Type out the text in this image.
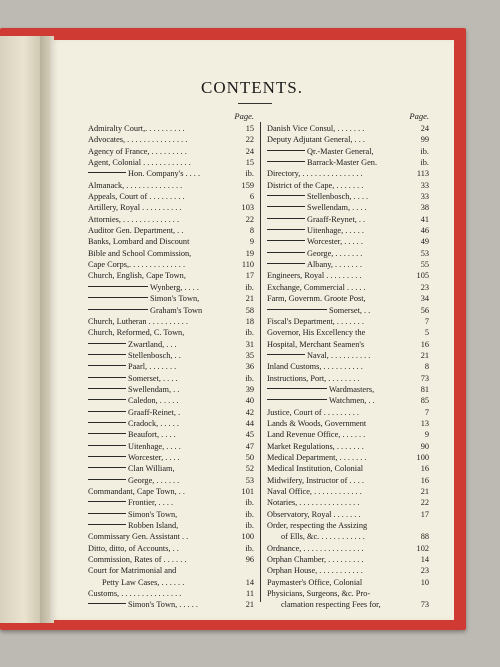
CONTENTS.
Page.
Admiralty Court,. . . . . . . . . .	15
Advocates, . . . . . . . . . . . . . . .	22
Agency of France, . . . . . . . . .	24
Agent, Colonial . . . . . . . . . . . .	15
Hon. Company's . . . .	ib.
Almanack, . . . . . . . . . . . . . .	159
Appeals, Court of . . . . . . . . .	6
Artillery, Royal . . . . . . . . . .	103
Attornies, . . . . . . . . . . . . . .	22
Auditor Gen. Department, . .	8
Banks, Lombard and Discount	9
Bible and School Commission,	19
Cape Corps,. . . . . . . . . . . . . .	110
Church, English, Cape Town,	17
Wynberg, . . . .	ib.
Simon's Town,	21
Graham's Town	58
Church, Lutheran . . . . . . . . . .	18
Church, Reformed, C. Town,	ib.
Zwartland, . . .	31
Stellenbosch, . .	35
Paarl, . . . . . . .	36
Somerset, . . . .	ib.
Swellendam, . .	39
Caledon, . . . . .	40
Graaff-Reinet, .	42
Cradock, . . . . .	44
Beaufort, . . . .	45
Uitenhage, . . . .	47
Worcester, . . . .	50
Clan William,	52
George, . . . . . .	53
Commandant, Cape Town, . .	101
Frontier, . . . .	ib.
Simon's Town,	ib.
Robben Island,	ib.
Commissary Gen. Assistant . .	100
Ditto, ditto, of Accounts, . .	ib.
Commission, Rates of . . . . . .	96
Court for Matrimonial and
Petty Law Cases, . . . . . .	14
Customs, . . . . . . . . . . . . . . .	11
Simon's Town, . . . . .	21
Page.
Danish Vice Consul, . . . . . . .	24
Deputy Adjutant General, . . .	99
Qr.-Master General,	ib.
Barrack-Master Gen.	ib.
Directory, . . . . . . . . . . . . . . .	113
District of the Cape, . . . . . . .	33
Stellenbosch, . . . .	33
Swellendam, . . . .	38
Graaff-Reynet, . .	41
Uitenhage, . . . . .	46
Worcester, . . . . .	49
George, . . . . . . .	53
Albany, . . . . . . .	55
Engineers, Royal . . . . . . . . .	105
Exchange, Commercial . . . . .	23
Farm, Governm. Groote Post,	34
Somerset, . .	56
Fiscal's Department, . . . . . . .	7
Governor, His Excellency the	5
Hospital, Merchant Seamen's	16
Naval, . . . . . . . . . .	21
Inland Customs, . . . . . . . . . .	8
Instructions, Port, . . . . . . . .	73
Wardmasters,	81
Watchmen, . .	85
Justice, Court of . . . . . . . . .	7
Lands & Woods, Government	13
Land Revenue Office, . . . . . .	9
Market Regulations, . . . . . . .	90
Medical Department, . . . . . . .	100
Medical Institution, Colonial	16
Midwifery, Instructor of . . . .	16
Naval Office, . . . . . . . . . . . .	21
Notaries, . . . . . . . . . . . . . . .	22
Observatory, Royal . . . . . . .	17
Order, respecting the Assizing
of Ells, &c. . . . . . . . . . . .	88
Ordnance, . . . . . . . . . . . . . . .	102
Orphan Chamber, . . . . . . . . .	14
Orphan House, . . . . . . . . . . .	23
Paymaster's Office, Colonial	10
Physicians, Surgeons, &c. Pro-
clamation respecting Fees for,	73
